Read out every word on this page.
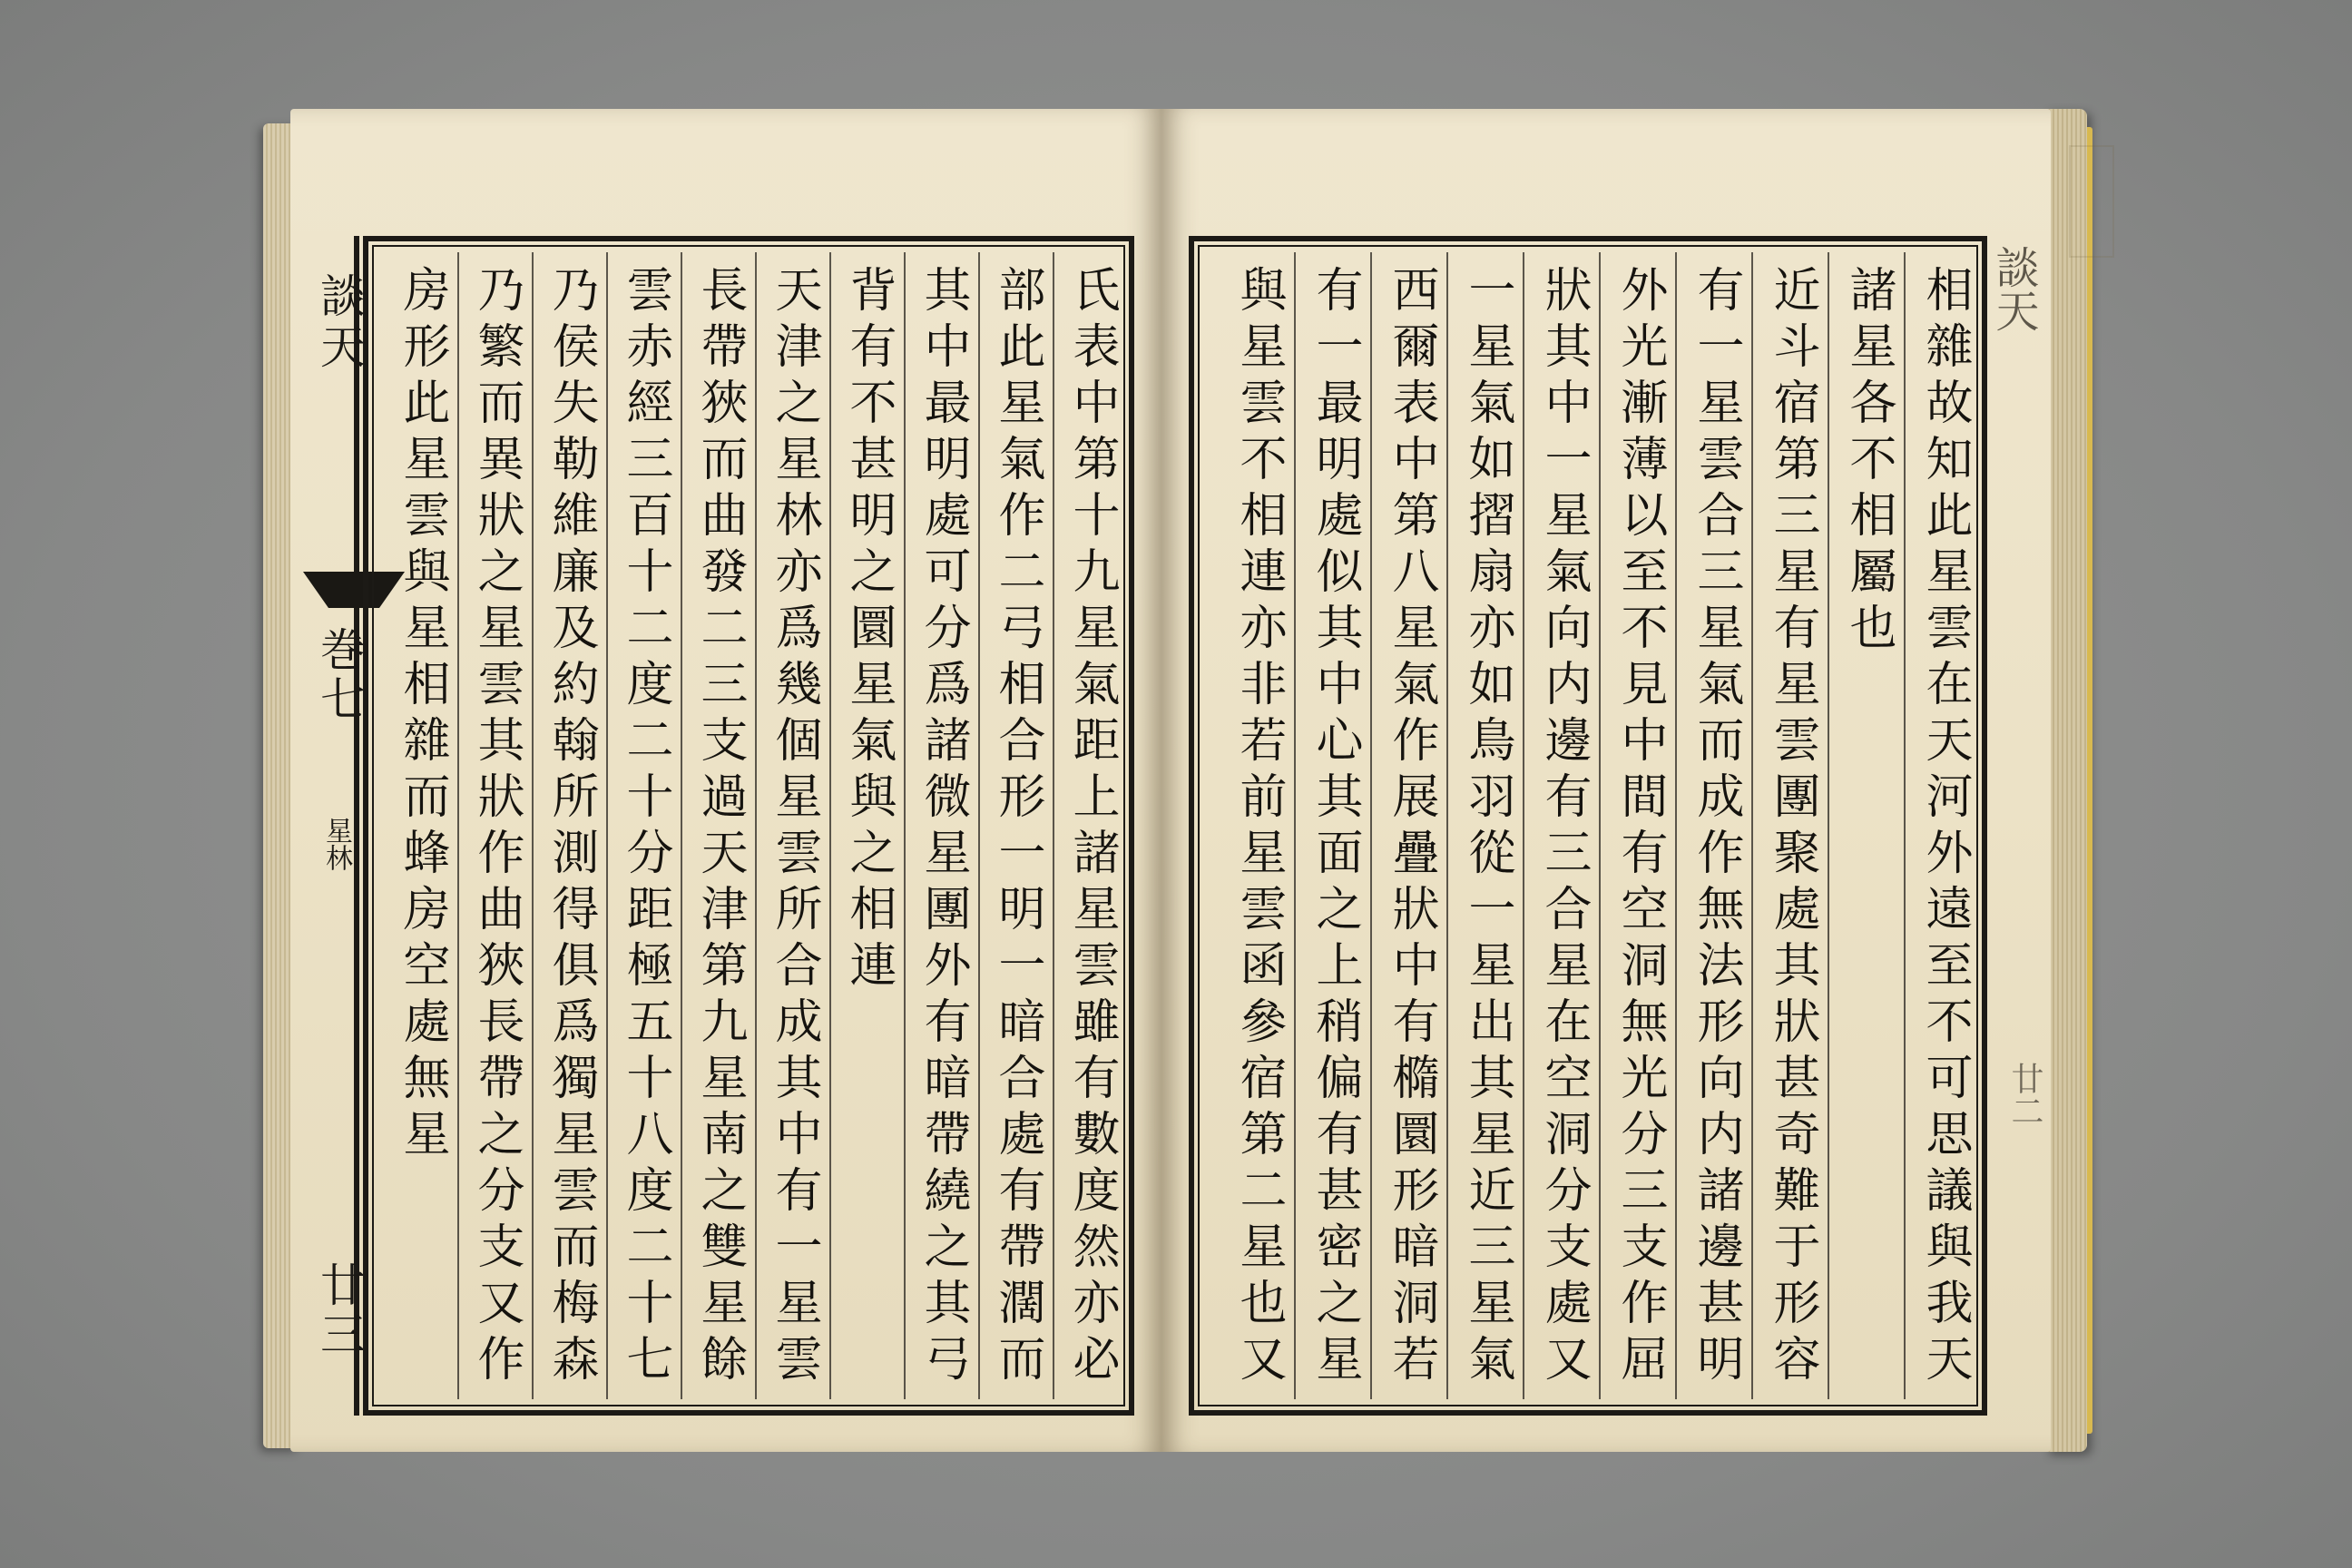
談天
巻七
星林
廿三
氏表中第十九星氣距上諸星雲雖有數度然亦必
部此星氣作二弓相合形一明一暗合處有帶濶而
其中最明處可分爲諸微星團外有暗帶繞之其弓
背有不甚明之圜星氣與之相連
天津之星林亦爲幾個星雲所合成其中有一星雲
長帶狹而曲發二三支過天津第九星南之雙星餘
雲赤經三百十二度二十分距極五十八度二十七
乃侯失勒維廉及約翰所測得俱爲獨星雲而梅森
乃繁而異狀之星雲其狀作曲狹長帶之分支又作
房形此星雲與星相雜而蜂房空處無星	相雜故知此星雲在天河外遠至不可思議與我天
諸星各不相屬也
近斗宿第三星有星雲團聚處其狀甚奇難于形容
有一星雲合三星氣而成作無法形向内諸邊甚明
外光漸薄以至不見中間有空洞無光分三支作屈
狀其中一星氣向内邊有三合星在空洞分支處又
一星氣如摺扇亦如鳥羽從一星出其星近三星氣
西爾表中第八星氣作展疊狀中有橢圜形暗洞若
有一最明處似其中心其面之上稍偏有甚密之星
與星雲不相連亦非若前星雲函參宿第二星也又
談天
廿二
